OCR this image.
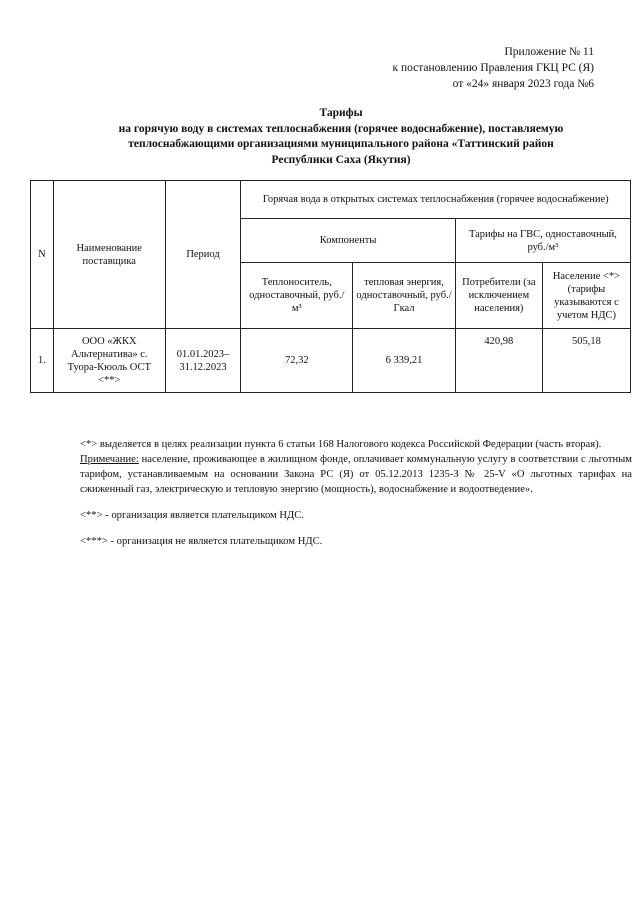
Приложение № 11
к постановлению Правления ГКЦ РС (Я)
от «24» января 2023 года №6
Тарифы
на горячую воду в системах теплоснабжения (горячее водоснабжение), поставляемую
теплоснабжающими организациями муниципального района «Таттинский район
Республики Саха (Якутия)
N	Наименование поставщика	Период	Горячая вода в открытых системах теплоснабжения (горячее водоснабжение)			
			Компоненты		Тарифы на ГВС, одноставочный, руб./м³	
			Теплоноситель, одноставочный, руб./м³	тепловая энергия, одноставочный, руб./Гкал	Потребители (за исключением населения)	Население <*> (тарифы указываются с учетом НДС)
1.	ООО «ЖКХ Альтернатива» с. Туора-Кюоль ОСТ <**>	01.01.2023–31.12.2023	72,32	6 339,21	420,98	505,18

<*> выделяется в целях реализации пункта 6 статьи 168 Налогового кодекса Российской Федерации (часть вторая).

Примечание: население, проживающее в жилищном фонде, оплачивает коммунальную услугу в соответствии с льготным тарифом, устанавливаемым на основании Закона РС (Я) от 05.12.2013 1235-З № 25-V «О льготных тарифах на сжиженный газ, электрическую и тепловую энергию (мощность), водоснабжение и водоотведение».

<**> - организация является плательщиком НДС.

<***> - организация не является плательщиком НДС.
